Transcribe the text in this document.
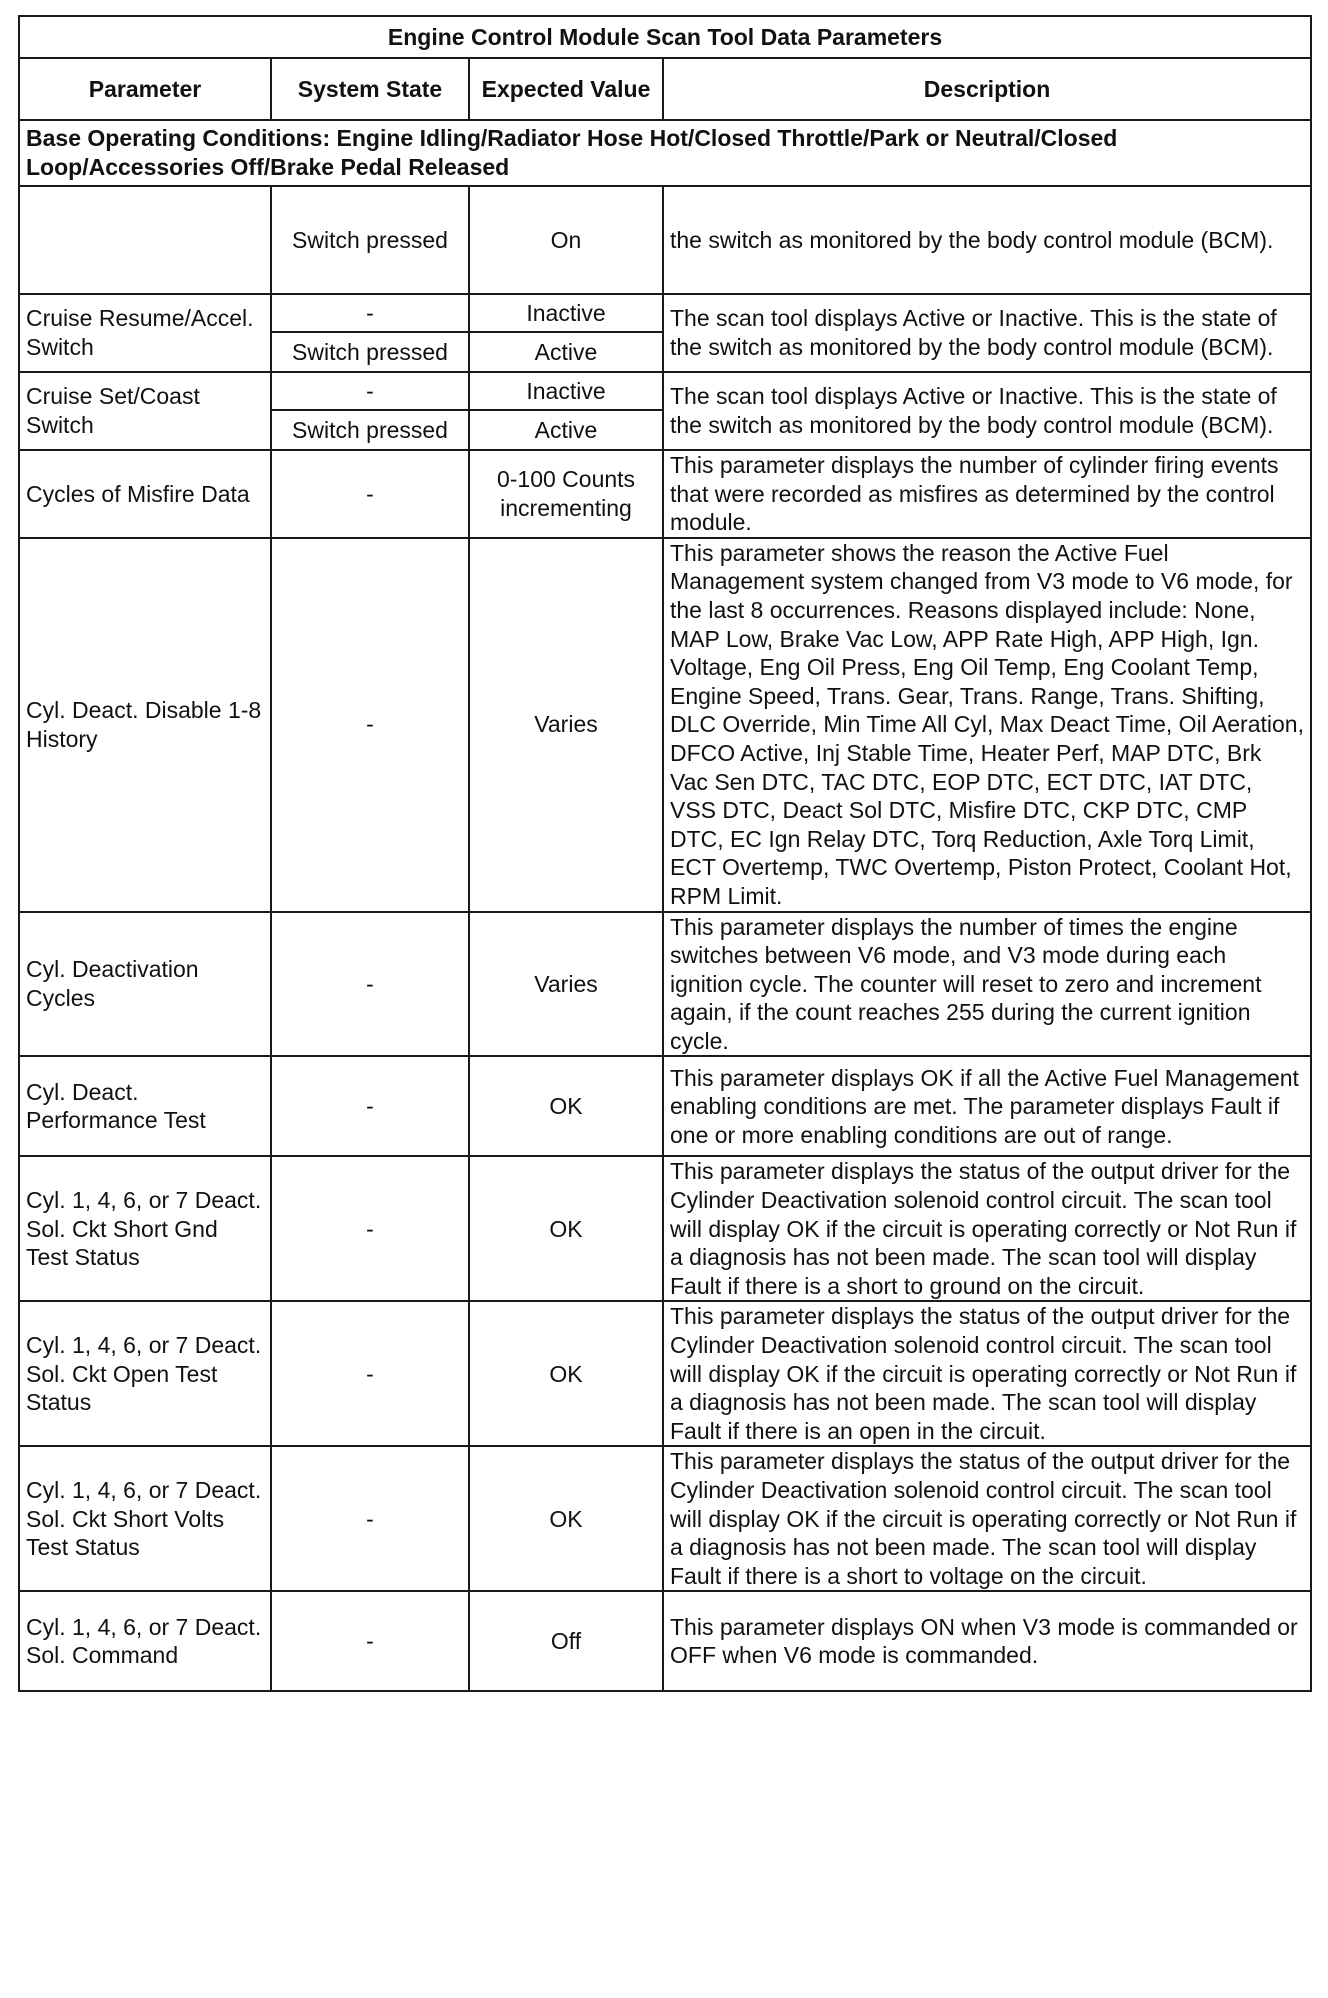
Engine Control Module Scan Tool Data Parameters			
Parameter	System State	Expected Value	Description
Base Operating Conditions: Engine Idling/Radiator Hose Hot/Closed Throttle/Park or Neutral/Closed Loop/Accessories Off/Brake Pedal Released			
	Switch pressed	On	the switch as monitored by the body control module (BCM).
Cruise Resume/Accel. Switch	-	Inactive	The scan tool displays Active or Inactive. This is the state of the switch as monitored by the body control module (BCM).
	Switch pressed	Active	
Cruise Set/Coast Switch	-	Inactive	The scan tool displays Active or Inactive. This is the state of the switch as monitored by the body control module (BCM).
	Switch pressed	Active	
Cycles of Misfire Data	-	0-100 Counts incrementing	This parameter displays the number of cylinder firing events that were recorded as misfires as determined by the control module.
Cyl. Deact. Disable 1-8 History	-	Varies	This parameter shows the reason the Active Fuel Management system changed from V3 mode to V6 mode, for the last 8 occurrences. Reasons displayed include: None, MAP Low, Brake Vac Low, APP Rate High, APP High, Ign. Voltage, Eng Oil Press, Eng Oil Temp, Eng Coolant Temp, Engine Speed, Trans. Gear, Trans. Range, Trans. Shifting, DLC Override, Min Time All Cyl, Max Deact Time, Oil Aeration, DFCO Active, Inj Stable Time, Heater Perf, MAP DTC, Brk Vac Sen DTC, TAC DTC, EOP DTC, ECT DTC, IAT DTC, VSS DTC, Deact Sol DTC, Misfire DTC, CKP DTC, CMP DTC, EC Ign Relay DTC, Torq Reduction, Axle Torq Limit, ECT Overtemp, TWC Overtemp, Piston Protect, Coolant Hot, RPM Limit.
Cyl. Deactivation Cycles	-	Varies	This parameter displays the number of times the engine switches between V6 mode, and V3 mode during each ignition cycle. The counter will reset to zero and increment again, if the count reaches 255 during the current ignition cycle.
Cyl. Deact. Performance Test	-	OK	This parameter displays OK if all the Active Fuel Management enabling conditions are met. The parameter displays Fault if one or more enabling conditions are out of range.
Cyl. 1, 4, 6, or 7 Deact. Sol. Ckt Short Gnd Test Status	-	OK	This parameter displays the status of the output driver for the Cylinder Deactivation solenoid control circuit. The scan tool will display OK if the circuit is operating correctly or Not Run if a diagnosis has not been made. The scan tool will display Fault if there is a short to ground on the circuit.
Cyl. 1, 4, 6, or 7 Deact. Sol. Ckt Open Test Status	-	OK	This parameter displays the status of the output driver for the Cylinder Deactivation solenoid control circuit. The scan tool will display OK if the circuit is operating correctly or Not Run if a diagnosis has not been made. The scan tool will display Fault if there is an open in the circuit.
Cyl. 1, 4, 6, or 7 Deact. Sol. Ckt Short Volts Test Status	-	OK	This parameter displays the status of the output driver for the Cylinder Deactivation solenoid control circuit. The scan tool will display OK if the circuit is operating correctly or Not Run if a diagnosis has not been made. The scan tool will display Fault if there is a short to voltage on the circuit.
Cyl. 1, 4, 6, or 7 Deact. Sol. Command	-	Off	This parameter displays ON when V3 mode is commanded or OFF when V6 mode is commanded.
